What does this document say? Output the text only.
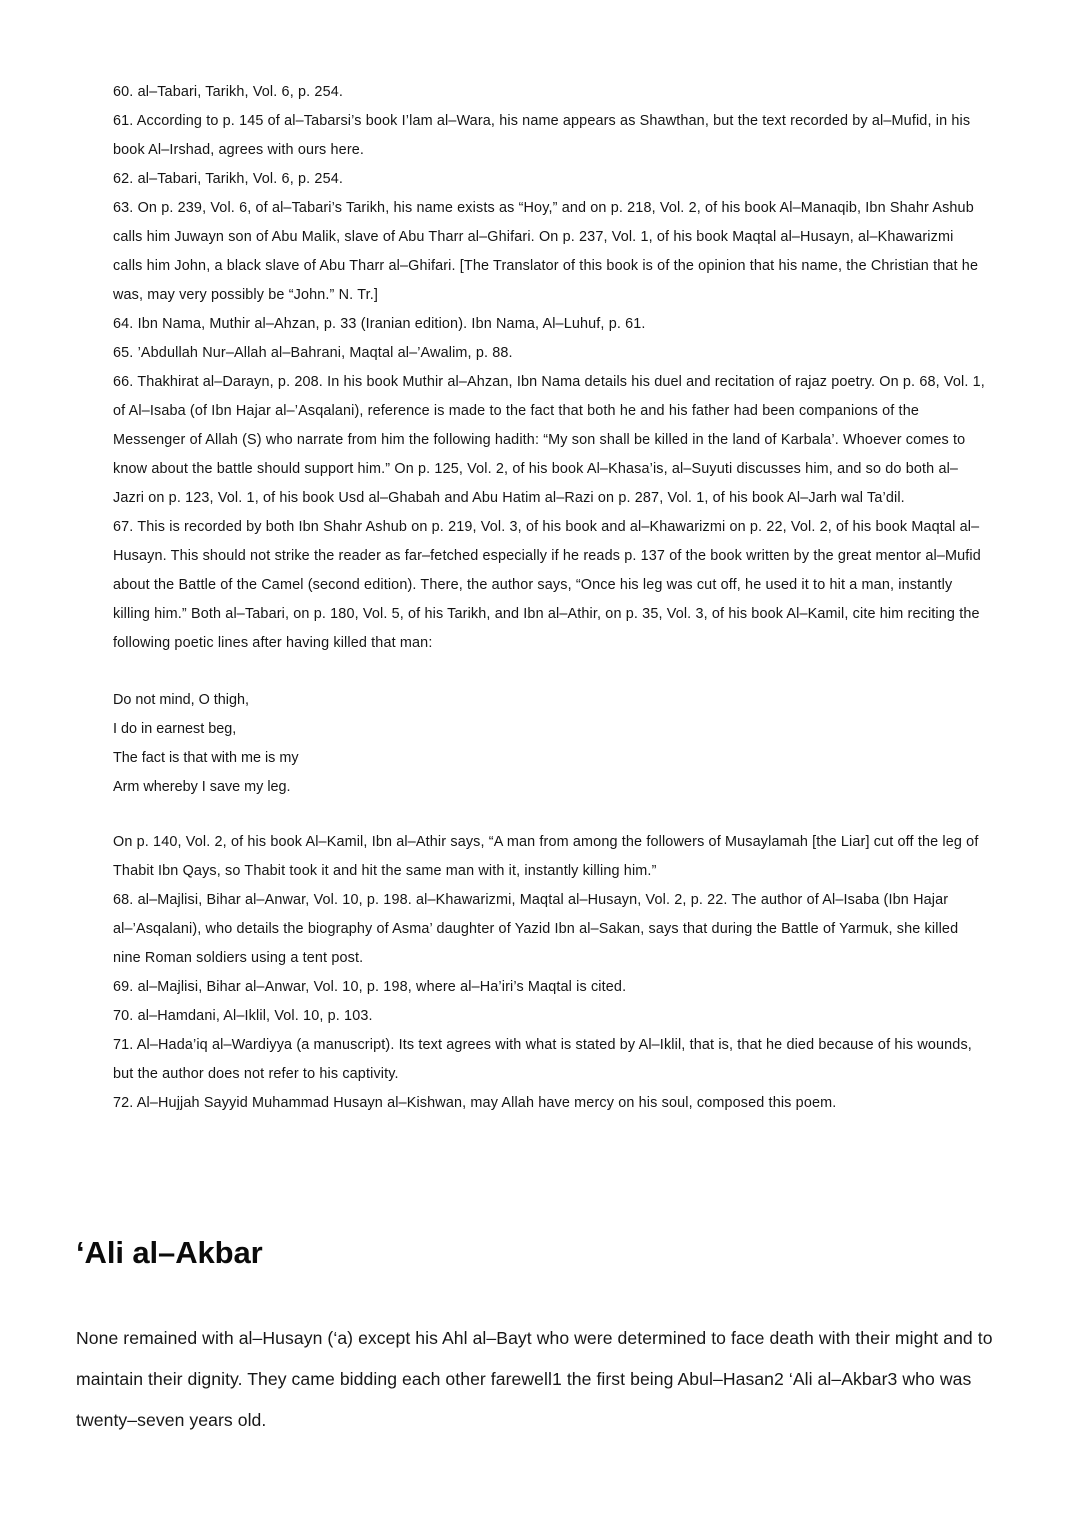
60. al–Tabari, Tarikh, Vol. 6, p. 254.

61. According to p. 145 of al–Tabarsi’s book I’lam al–Wara, his name appears as Shawthan, but the text recorded by al–Mufid, in his book Al–Irshad, agrees with ours here.

62. al–Tabari, Tarikh, Vol. 6, p. 254.

63. On p. 239, Vol. 6, of al–Tabari’s Tarikh, his name exists as “Hoy,” and on p. 218, Vol. 2, of his book Al–Manaqib, Ibn Shahr Ashub calls him Juwayn son of Abu Malik, slave of Abu Tharr al–Ghifari. On p. 237, Vol. 1, of his book Maqtal al–Husayn, al–Khawarizmi calls him John, a black slave of Abu Tharr al–Ghifari. [The Translator of this book is of the opinion that his name, the Christian that he was, may very possibly be “John.” N. Tr.]

64. Ibn Nama, Muthir al–Ahzan, p. 33 (Iranian edition). Ibn Nama, Al–Luhuf, p. 61.

65. ’Abdullah Nur–Allah al–Bahrani, Maqtal al–’Awalim, p. 88.

66. Thakhirat al–Darayn, p. 208. In his book Muthir al–Ahzan, Ibn Nama details his duel and recitation of rajaz poetry. On p. 68, Vol. 1, of Al–Isaba (of Ibn Hajar al–’Asqalani), reference is made to the fact that both he and his father had been companions of the Messenger of Allah (S) who narrate from him the following hadith: “My son shall be killed in the land of Karbala’. Whoever comes to know about the battle should support him.” On p. 125, Vol. 2, of his book Al–Khasa’is, al–Suyuti discusses him, and so do both al–Jazri on p. 123, Vol. 1, of his book Usd al–Ghabah and Abu Hatim al–Razi on p. 287, Vol. 1, of his book Al–Jarh wal Ta’dil.

67. This is recorded by both Ibn Shahr Ashub on p. 219, Vol. 3, of his book and al–Khawarizmi on p. 22, Vol. 2, of his book Maqtal al–Husayn. This should not strike the reader as far–fetched especially if he reads p. 137 of the book written by the great mentor al–Mufid about the Battle of the Camel (second edition). There, the author says, “Once his leg was cut off, he used it to hit a man, instantly killing him.” Both al–Tabari, on p. 180, Vol. 5, of his Tarikh, and Ibn al–Athir, on p. 35, Vol. 3, of his book Al–Kamil, cite him reciting the following poetic lines after having killed that man:

Do not mind, O thigh,

I do in earnest beg,

The fact is that with me is my

Arm whereby I save my leg.

On p. 140, Vol. 2, of his book Al–Kamil, Ibn al–Athir says, “A man from among the followers of Musaylamah [the Liar] cut off the leg of Thabit Ibn Qays, so Thabit took it and hit the same man with it, instantly killing him.”

68. al–Majlisi, Bihar al–Anwar, Vol. 10, p. 198. al–Khawarizmi, Maqtal al–Husayn, Vol. 2, p. 22. The author of Al–Isaba (Ibn Hajar al–’Asqalani), who details the biography of Asma’ daughter of Yazid Ibn al–Sakan, says that during the Battle of Yarmuk, she killed nine Roman soldiers using a tent post.

69. al–Majlisi, Bihar al–Anwar, Vol. 10, p. 198, where al–Ha’iri’s Maqtal is cited.

70. al–Hamdani, Al–Iklil, Vol. 10, p. 103.

71. Al–Hada’iq al–Wardiyya (a manuscript). Its text agrees with what is stated by Al–Iklil, that is, that he died because of his wounds, but the author does not refer to his captivity.

72. Al–Hujjah Sayyid Muhammad Husayn al–Kishwan, may Allah have mercy on his soul, composed this poem.

‘Ali al–Akbar

None remained with al–Husayn (‘a) except his Ahl al–Bayt who were determined to face death with their might and to maintain their dignity. They came bidding each other farewell1 the first being Abul–Hasan2 ‘Ali al–Akbar3 who was twenty–seven years old.
